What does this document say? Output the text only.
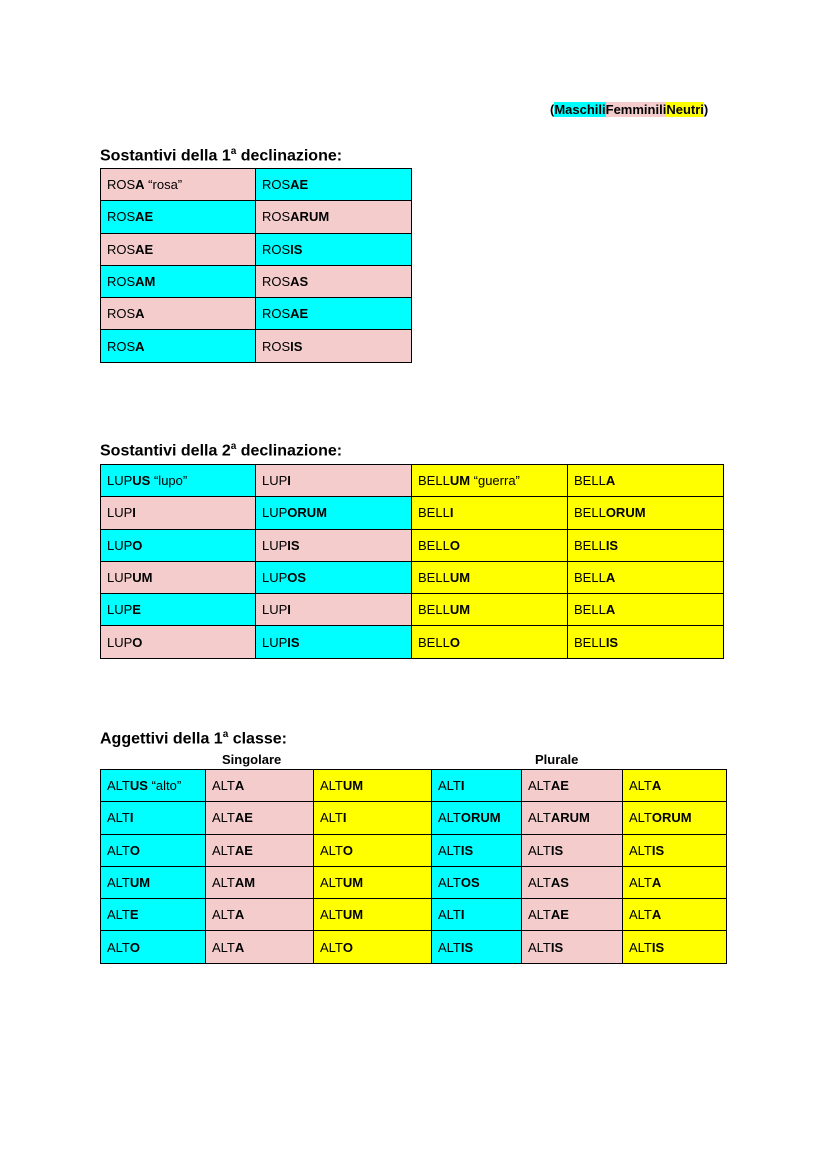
(MaschiliFemminiliNeutri)
Sostantivi della 1$^a$ declinazione:
ROSA “rosa”	ROSAE
ROSAE	ROSARUM
ROSAE	ROSIS
ROSAM	ROSAS
ROSA	ROSAE
ROSA	ROSIS
Sostantivi della 2$^a$ declinazione:
LUPUS “lupo”	LUPI	BELLUM “guerra”	BELLA
LUPI	LUPORUM	BELLI	BELLORUM
LUPO	LUPIS	BELLO	BELLIS
LUPUM	LUPOS	BELLUM	BELLA
LUPE	LUPI	BELLUM	BELLA
LUPO	LUPIS	BELLO	BELLIS
Aggettivi della 1$^a$ classe:
Singolare	Plurale
ALTUS “alto”	ALTA	ALTUM	ALTI	ALTAE	ALTA
ALTI	ALTAE	ALTI	ALTORUM	ALTARUM	ALTORUM
ALTO	ALTAE	ALTO	ALTIS	ALTIS	ALTIS
ALTUM	ALTAM	ALTUM	ALTOS	ALTAS	ALTA
ALTE	ALTA	ALTUM	ALTI	ALTAE	ALTA
ALTO	ALTA	ALTO	ALTIS	ALTIS	ALTIS
